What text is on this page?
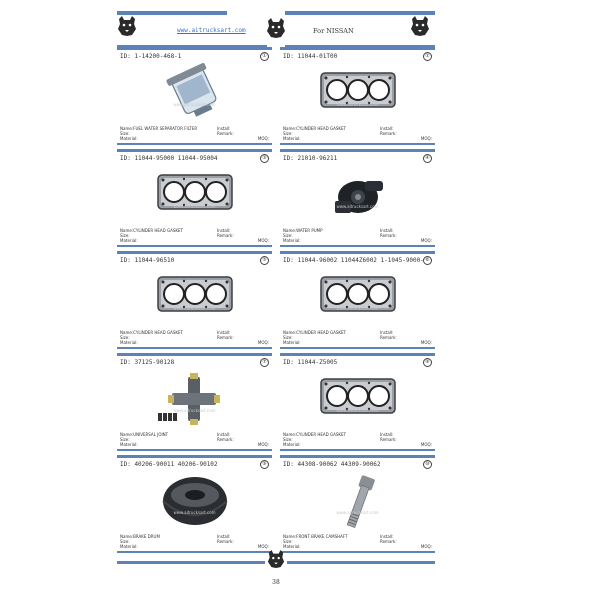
www.aitrucksart.com	For NISSAN
ID: 1-14200-468-1	①
www.aitrucksart.com
Name:FUEL WATER SEPARATOR FILTER	Install:
Size:	Remark:
Material:	MOQ:
ID: 11044-01T00	②
www.aitrucksart.com
Name:CYLINDER HEAD GASKET	Install:
Size:	Remark:
Material:	MOQ:
ID: 11044-95000 11044-95004	③
www.aitrucksart.com
Name:CYLINDER HEAD GASKET	Install:
Size:	Remark:
Material:	MOQ:
ID: 21010-96211	④
www.aitrucksart.com
Name:WATER PUMP	Install:
Size:	Remark:
Material:	MOQ:
ID: 11044-96510	⑤
www.aitrucksart.com
Name:CYLINDER HEAD GASKET	Install:
Size:	Remark:
Material:	MOQ:
ID: 11044-96002 11044Z6002 1-1045-9000- ⑥
www.aitrucksart.com
Name:CYLINDER HEAD GASKET	Install:
Size:	Remark:
Material:	MOQ:
ID: 37125-90128	⑦
www.aitrucksart.com
Name:UNIVERSAL JOINT	Install:
Size:	Remark:
Material:	MOQ:
ID: 11044-Z5005	⑧
www.aitrucksart.com
Name:CYLINDER HEAD GASKET	Install:
Size:	Remark:
Material:	MOQ:
ID: 40206-90011 40206-90102	⑨
www.aitrucksart.com
Name:BRAKE DRUM	Install:
Size:	Remark:
Material:	MOQ:
ID: 44308-90062 44309-90062	⑩
www.aitrucksart.com
Name:FRONT BRAKE CAMSHAFT	Install:
Size:	Remark:
Material:	MOQ:
38
